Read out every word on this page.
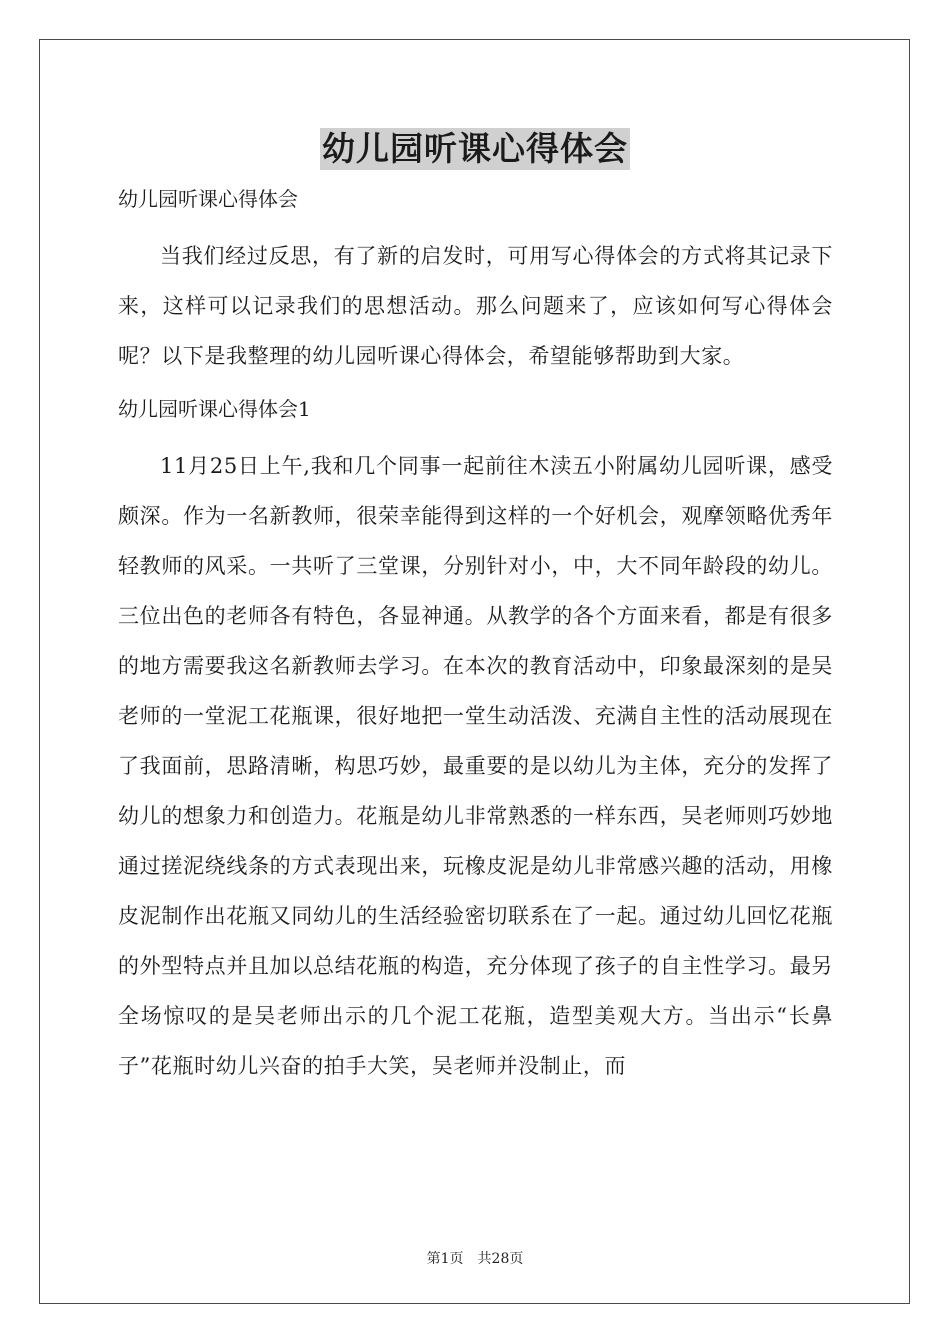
幼儿园听课心得体会

幼儿园听课心得体会

当我们经过反思，有了新的启发时，可用写心得体会的方式将其记录下来，这样可以记录我们的思想活动。那么问题来了，应该如何写心得体会呢？以下是我整理的幼儿园听课心得体会，希望能够帮助到大家。

幼儿园听课心得体会1

11月25日上午,我和几个同事一起前往木渎五小附属幼儿园听课，感受颇深。作为一名新教师，很荣幸能得到这样的一个好机会，观摩领略优秀年轻教师的风采。一共听了三堂课，分别针对小，中，大不同年龄段的幼儿。三位出色的老师各有特色，各显神通。从教学的各个方面来看，都是有很多的地方需要我这名新教师去学习。在本次的教育活动中，印象最深刻的是吴老师的一堂泥工花瓶课，很好地把一堂生动活泼、充满自主性的活动展现在了我面前，思路清晰，构思巧妙，最重要的是以幼儿为主体，充分的发挥了幼儿的想象力和创造力。花瓶是幼儿非常熟悉的一样东西，吴老师则巧妙地通过搓泥绕线条的方式表现出来，玩橡皮泥是幼儿非常感兴趣的活动，用橡皮泥制作出花瓶又同幼儿的生活经验密切联系在了一起。通过幼儿回忆花瓶的外型特点并且加以总结花瓶的构造，充分体现了孩子的自主性学习。最另全场惊叹的是吴老师出示的几个泥工花瓶，造型美观大方。当出示“长鼻子”花瓶时幼儿兴奋的拍手大笑，吴老师并没制止，而

第1页　共28页
